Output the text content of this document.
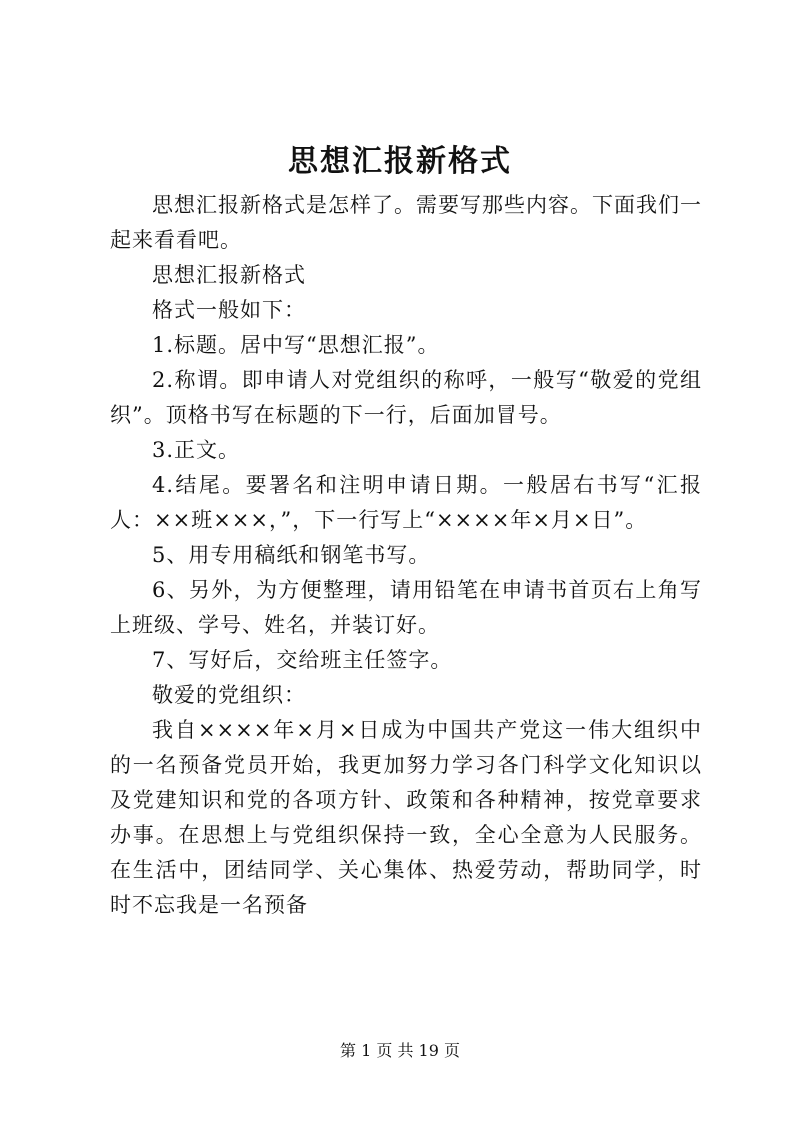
思想汇报新格式

思想汇报新格式是怎样了。需要写那些内容。下面我们一起来看看吧。

思想汇报新格式

格式一般如下：

1.标题。居中写“思想汇报”。

2.称谓。即申请人对党组织的称呼，一般写“敬爱的党组织”。顶格书写在标题的下一行，后面加冒号。

3.正文。

4.结尾。要署名和注明申请日期。一般居右书写“汇报人：××班×××，”，下一行写上“××××年×月×日”。

5、用专用稿纸和钢笔书写。

6、另外，为方便整理，请用铅笔在申请书首页右上角写上班级、学号、姓名，并装订好。

7、写好后，交给班主任签字。

敬爱的党组织：

我自××××年×月×日成为中国共产党这一伟大组织中的一名预备党员开始，我更加努力学习各门科学文化知识以及党建知识和党的各项方针、政策和各种精神，按党章要求办事。在思想上与党组织保持一致，全心全意为人民服务。在生活中，团结同学、关心集体、热爱劳动，帮助同学，时时不忘我是一名预备

第 1 页 共 19 页
